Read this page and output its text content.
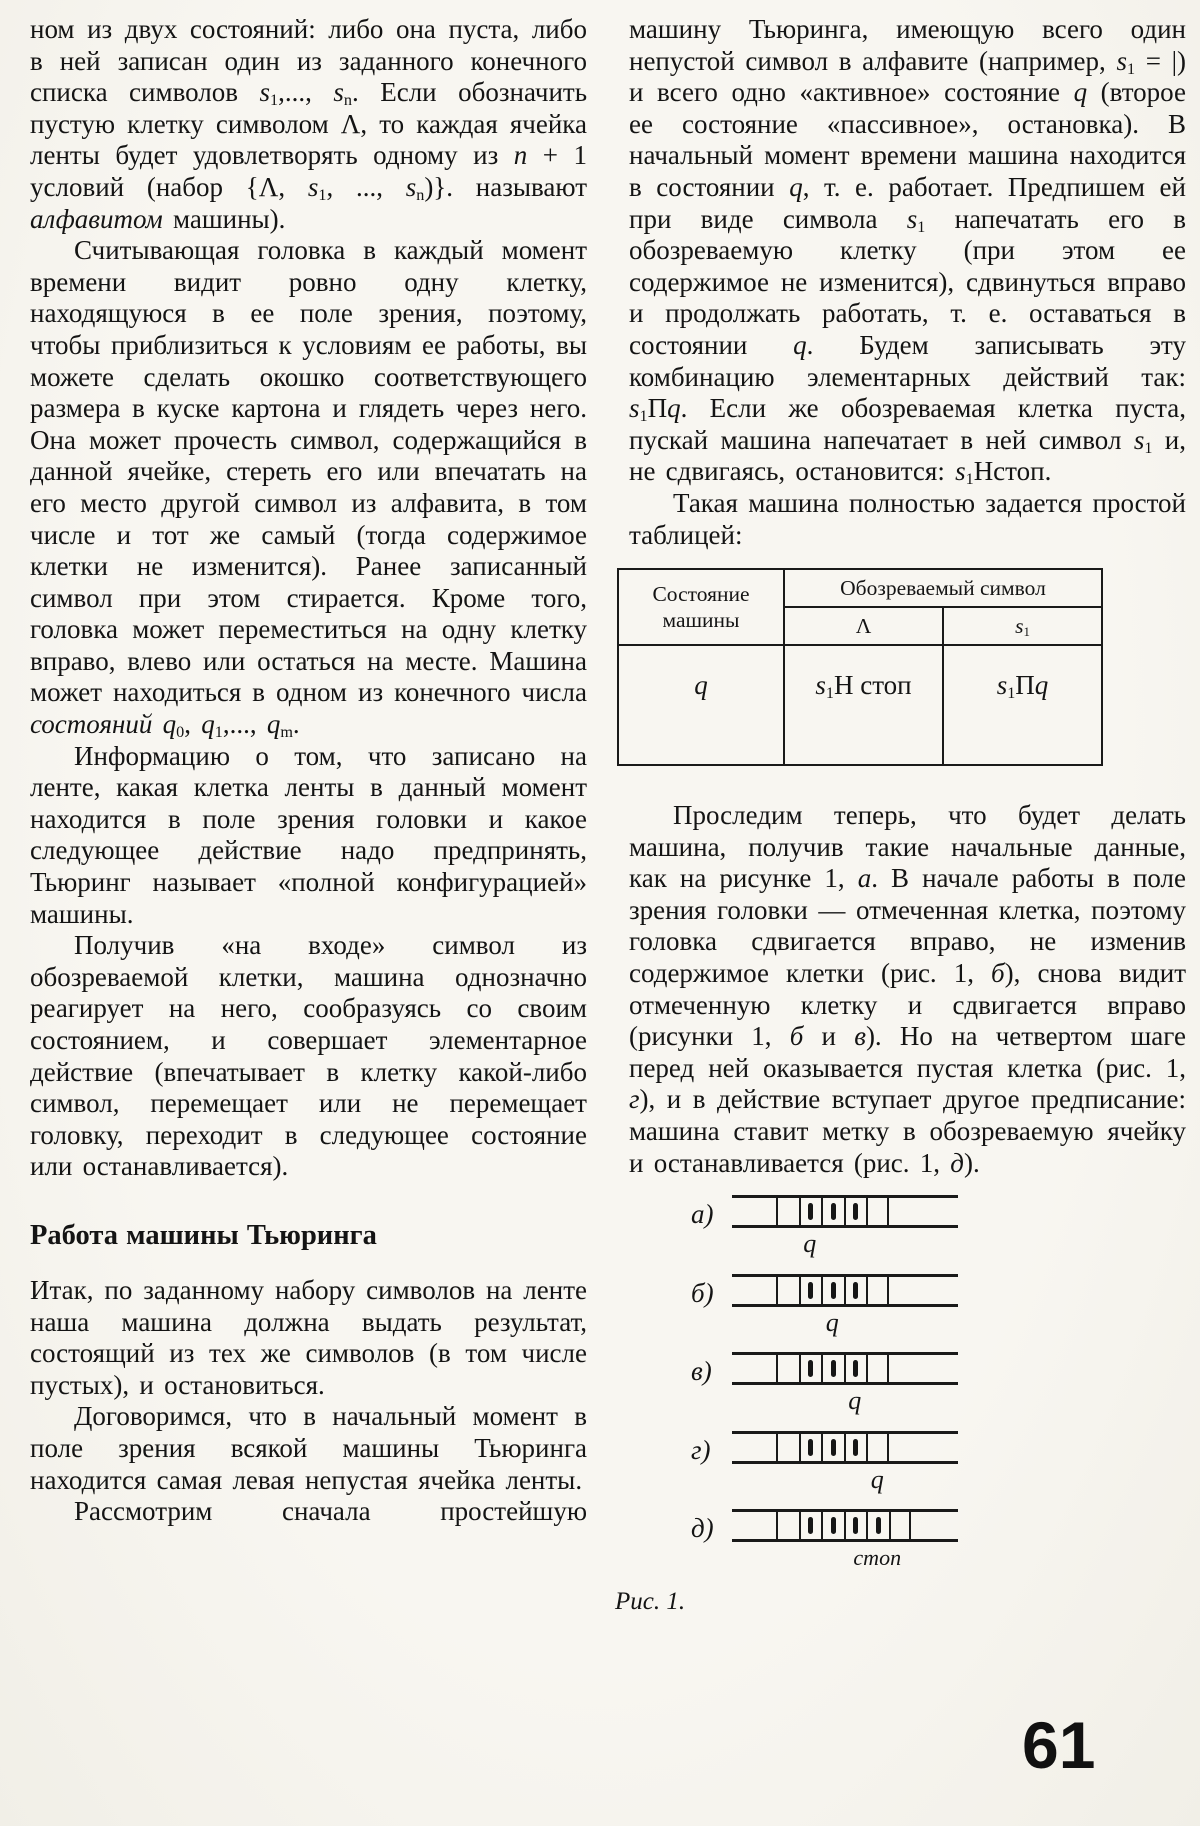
ном из двух состояний: либо она пуста, либо в ней записан один из заданного конечного списка символов $s_1$,..., $s_n$. Если обозначить пустую клетку символом Λ, то каждая ячейка ленты будет удовлетворять одному из n + 1 условий (набор {Λ, $s_1$, ..., $s_n$)}. называют алфавитом машины).

Считывающая головка в каждый момент времени видит ровно одну клетку, находящуюся в ее поле зрения, поэтому, чтобы приблизиться к условиям ее работы, вы можете сделать окошко соответствующего размера в куске картона и глядеть через него. Она может прочесть символ, содержащийся в данной ячейке, стереть его или впечатать на его место другой символ из алфавита, в том числе и тот же самый (тогда содержимое клетки не изменится). Ранее записанный символ при этом стирается. Кроме того, головка может переместиться на одну клетку вправо, влево или остаться на месте. Машина может находиться в одном из конечного числа состояний $q_0$, $q_1$,..., $q_m$.

Информацию о том, что записано на ленте, какая клетка ленты в данный момент находится в поле зрения головки и какое следующее действие надо предпринять, Тьюринг называет «полной конфигурацией» машины.

Получив «на входе» символ из обозреваемой клетки, машина однозначно реагирует на него, сообразуясь со своим состоянием, и совершает элементарное действие (впечатывает в клетку какой-либо символ, перемещает или не перемещает головку, переходит в следующее состояние или останавливается).

Работа машины Тьюринга

Итак, по заданному набору символов на ленте наша машина должна выдать результат, состоящий из тех же символов (в том числе пустых), и остановиться.

Договоримся, что в начальный момент в поле зрения всякой машины Тьюринга находится самая левая непустая ячейка ленты.

Рассмотрим сначала простейшую

машину Тьюринга, имеющую всего один непустой символ в алфавите (например, $s_1$ = |) и всего одно «активное» состояние q (второе ее состояние «пассивное», остановка). В начальный момент времени машина находится в состоянии q, т. е. работает. Предпишем ей при виде символа $s_1$ напечатать его в обозреваемую клетку (при этом ее содержимое не изменится), сдвинуться вправо и продолжать работать, т. е. оставаться в состоянии q. Будем записывать эту комбинацию элементарных действий так: $s_1Пq$. Если же обозреваемая клетка пуста, пускай машина напечатает в ней символ $s_1$ и, не сдвигаясь, остановится: $s_1Нстоп$.

Такая машина полностью задается простой таблицей:

Состояние машины	Обозреваемый символ	
	Λ	$s_1$
q	$s_1Н$ стоп	$s_1Пq$

Проследим теперь, что будет делать машина, получив такие начальные данные, как на рисунке 1, а. В начале работы в поле зрения головки — отмеченная клетка, поэтому головка сдвигается вправо, не изменив содержимое клетки (рис. 1, б), снова видит отмеченную клетку и сдвигается вправо (рисунки 1, б и в). Но на четвертом шаге перед ней оказывается пустая клетка (рис. 1, г), и в действие вступает другое предписание: машина ставит метку в обозреваемую ячейку и останавливается (рис. 1, д).

а)
q
б)
q
в)
q
г)
q
д)
стоп
Рис. 1.
61
